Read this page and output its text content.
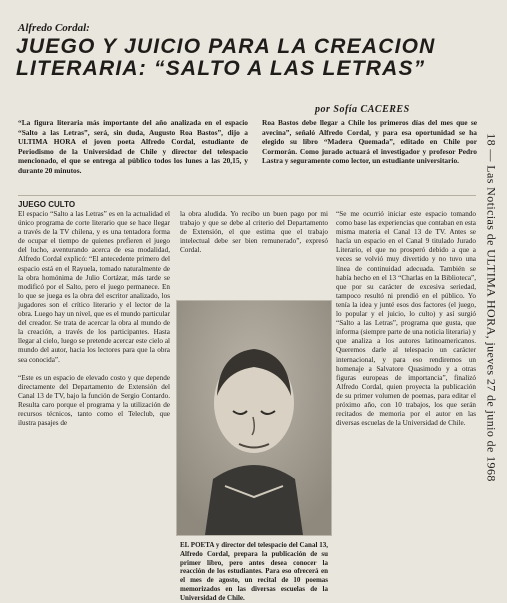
Alfredo Cordal:
JUEGO Y JUICIO PARA LA CREACION LITERARIA: “SALTO A LAS LETRAS”
por Sofía CACERES
“La figura literaria más importante del año analizada en el espacio “Salto a las Letras”, será, sin duda, Augusto Roa Bastos”, dijo a ULTIMA HORA el joven poeta Alfredo Cordal, estudiante de Periodismo de la Universidad de Chile y director del telespacio mencionado, el que se entrega al público todos los lunes a las 20,15, y durante 20 minutos.
Roa Bastos debe llegar a Chile los primeros días del mes que se avecina”, señaló Alfredo Cordal, y para esa oportunidad se ha elegido su libro “Madera Quemada”, editado en Chile por Cormorán. Como jurado actuará el investigador y profesor Pedro Lastra y seguramente como lector, un estudiante universitario.
JUEGO CULTO
El espacio “Salto a las Letras” es en la actualidad el único programa de corte literario que se hace llegar a través de la TV chilena, y es una tentadora forma de ocupar el tiempo de quienes prefieren el juego del lucho, aventurando acerca de esa modalidad, Alfredo Cordal explicó: “El antecedente primero del espacio está en el Rayuela, tomado naturalmente de la obra homónima de Julio Cortázar, más tarde se modificó por el Salto, pero el juego permanece. En lo que se juega es la obra del escritor analizado, los jugadores son el crítico literario y el lector de la obra. Luego hay un nivel, que es el mundo particular del creador. Se trata de acercar la obra al mundo de la creación, a través de los participantes. Hasta llegar al cielo, luego se pretende acercar este cielo al mundo del autor, hacia los lectores para que la obra sea conocida”.

“Este es un espacio de elevado costo y que depende directamente del Departamento de Extensión del Canal 13 de TV, bajo la función de Sergio Contardo. Resulta caro porque el programa y la utilización de recursos técnicos, tanto como el Teleclub, que ilustra pasajes de
la obra aludida. Yo recibo un buen pago por mi trabajo y que se debe al criterio del Departamento de Extensión, el que estima que el trabajo intelectual debe ser bien remunerado”, expresó Cordal.
“Se me ocurrió iniciar este espacio tomando como base las experiencias que contaban en esta misma materia el Canal 13 de TV. Antes se hacía un espacio en el Canal 9 titulado Jurado Literario, el que no prosperó debido a que a veces se volvió muy divertido y no tuvo una línea de continuidad adecuada. También se había hecho en el 13 “Charlas en la Biblioteca”, que por su carácter de excesiva seriedad, tampoco resultó ni prendió en el público. Yo tenía la idea y junté esos dos factores (el juego, lo popular y el juicio, lo culto) y así surgió “Salto a las Letras”, programa que gusta, que informa (siempre parte de una noticia literaria) y que analiza a los autores latinoamericanos. Queremos darle al telespacio un carácter internacional, y para eso rendiremos un homenaje a Salvatore Quasimodo y a otras figuras europeas de importancia”, finalizó Alfredo Cordal, quien proyecta la publicación de su primer volumen de poemas, para editar el próximo año, con 10 trabajos, los que serán recitados de memoria por el autor en las diversas escuelas de la Universidad de Chile.
EL POETA y director del telespacio del Canal 13, Alfredo Cordal, prepara la publicación de su primer libro, pero antes desea conocer la reacción de los estudiantes. Para eso ofrecerá en el mes de agosto, un recital de 10 poemas memorizados en las diversas escuelas de la Universidad de Chile.
18 — Las Noticias de ULTIMA HORA, jueves 27 de junio de 1968
